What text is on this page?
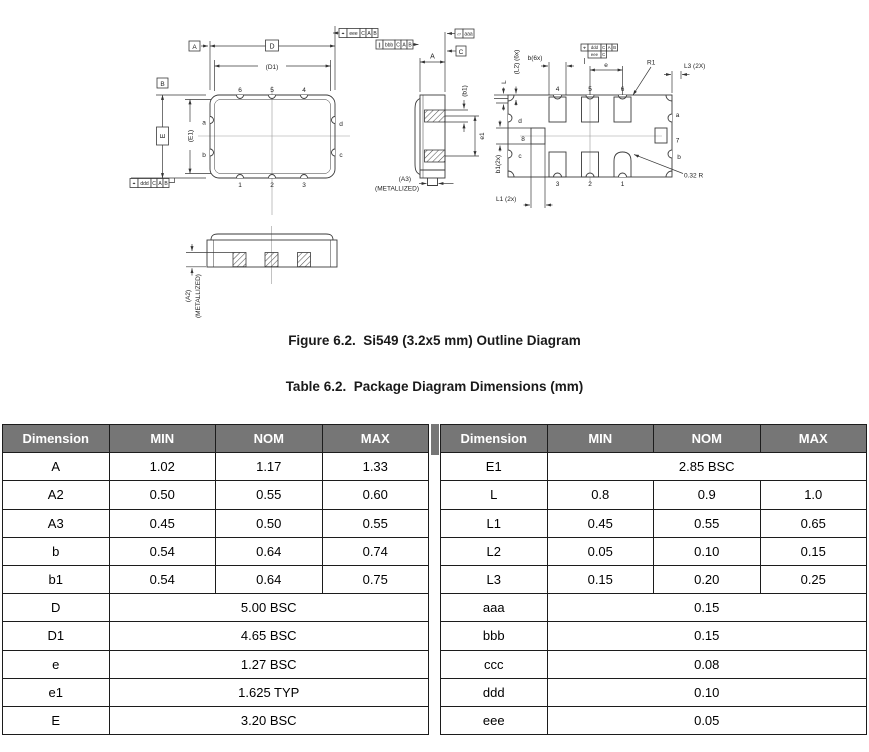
D
(D1)
E	(E1)
A
B
6	5	4
1	2	3
a
b
d
c
⌖ eee C A B
⌖ ddd C A B
A
∥ bbb C A B
▱ aaa
C
(b1)
e1
(A3)
(METALLIZED)
b(6x)
e	R1	L3 (2X)
(L2) (6x)
L
b1(2x)
L1 (2x)
0.32 R
⌖ ddd C A B
eee C
4	5	6
3	2	1
d
8
c
a
7
b
(A2) (METALLIZED)
Figure 6.2.  Si549 (3.2x5 mm) Outline Diagram
Table 6.2.  Package Diagram Dimensions (mm)
Dimension	MIN	NOM	MAX
A	1.02	1.17	1.33
A2	0.50	0.55	0.60
A3	0.45	0.50	0.55
b	0.54	0.64	0.74
b1	0.54	0.64	0.75
D	5.00 BSC		
D1	4.65 BSC		
e	1.27 BSC		
e1	1.625 TYP		
E	3.20 BSC		
Dimension	MIN	NOM	MAX
E1	2.85 BSC		
L	0.8	0.9	1.0
L1	0.45	0.55	0.65
L2	0.05	0.10	0.15
L3	0.15	0.20	0.25
aaa	0.15		
bbb	0.15		
ccc	0.08		
ddd	0.10		
eee	0.05		
